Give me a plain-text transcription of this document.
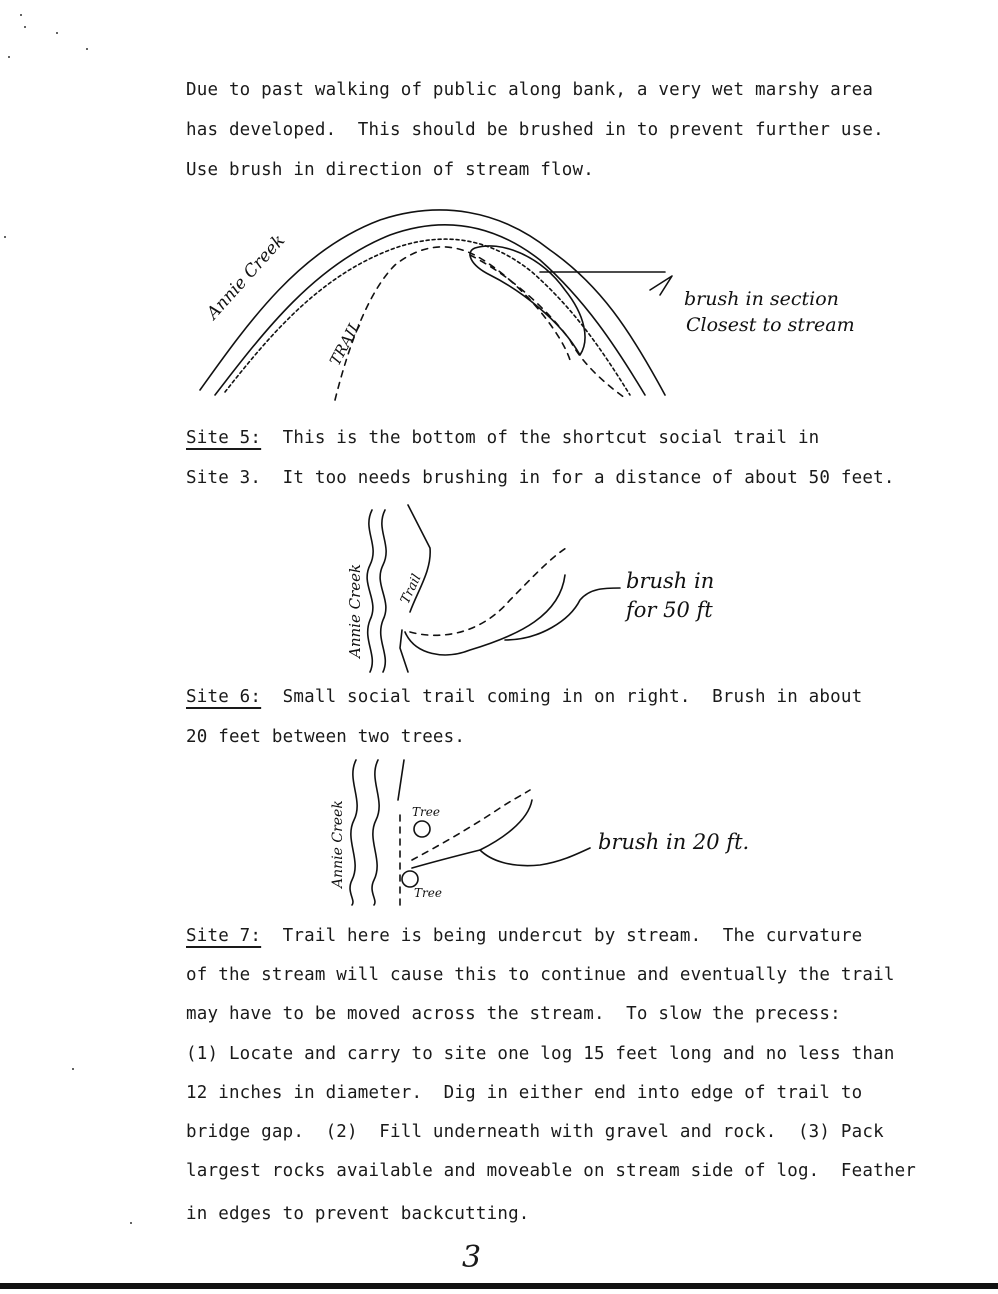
Due to past walking of public along bank, a very wet marshy area
has developed.  This should be brushed in to prevent further use.
Use brush in direction of stream flow.
Annie Creek
TRAIL
brush in section
Closest to stream
Site 5:  This is the bottom of the shortcut social trail in
Site 3.  It too needs brushing in for a distance of about 50 feet.
Annie Creek	Trail	brush in
for 50 ft
Site 6:  Small social trail coming in on right.  Brush in about
20 feet between two trees.
Annie Creek	Tree
Tree
brush in 20 ft.
Site 7:  Trail here is being undercut by stream.  The curvature
of the stream will cause this to continue and eventually the trail
may have to be moved across the stream.  To slow the precess:
(1) Locate and carry to site one log 15 feet long and no less than
12 inches in diameter.  Dig in either end into edge of trail to
bridge gap.  (2)  Fill underneath with gravel and rock.  (3) Pack
largest rocks available and moveable on stream side of log.  Feather
in edges to prevent backcutting.
3
